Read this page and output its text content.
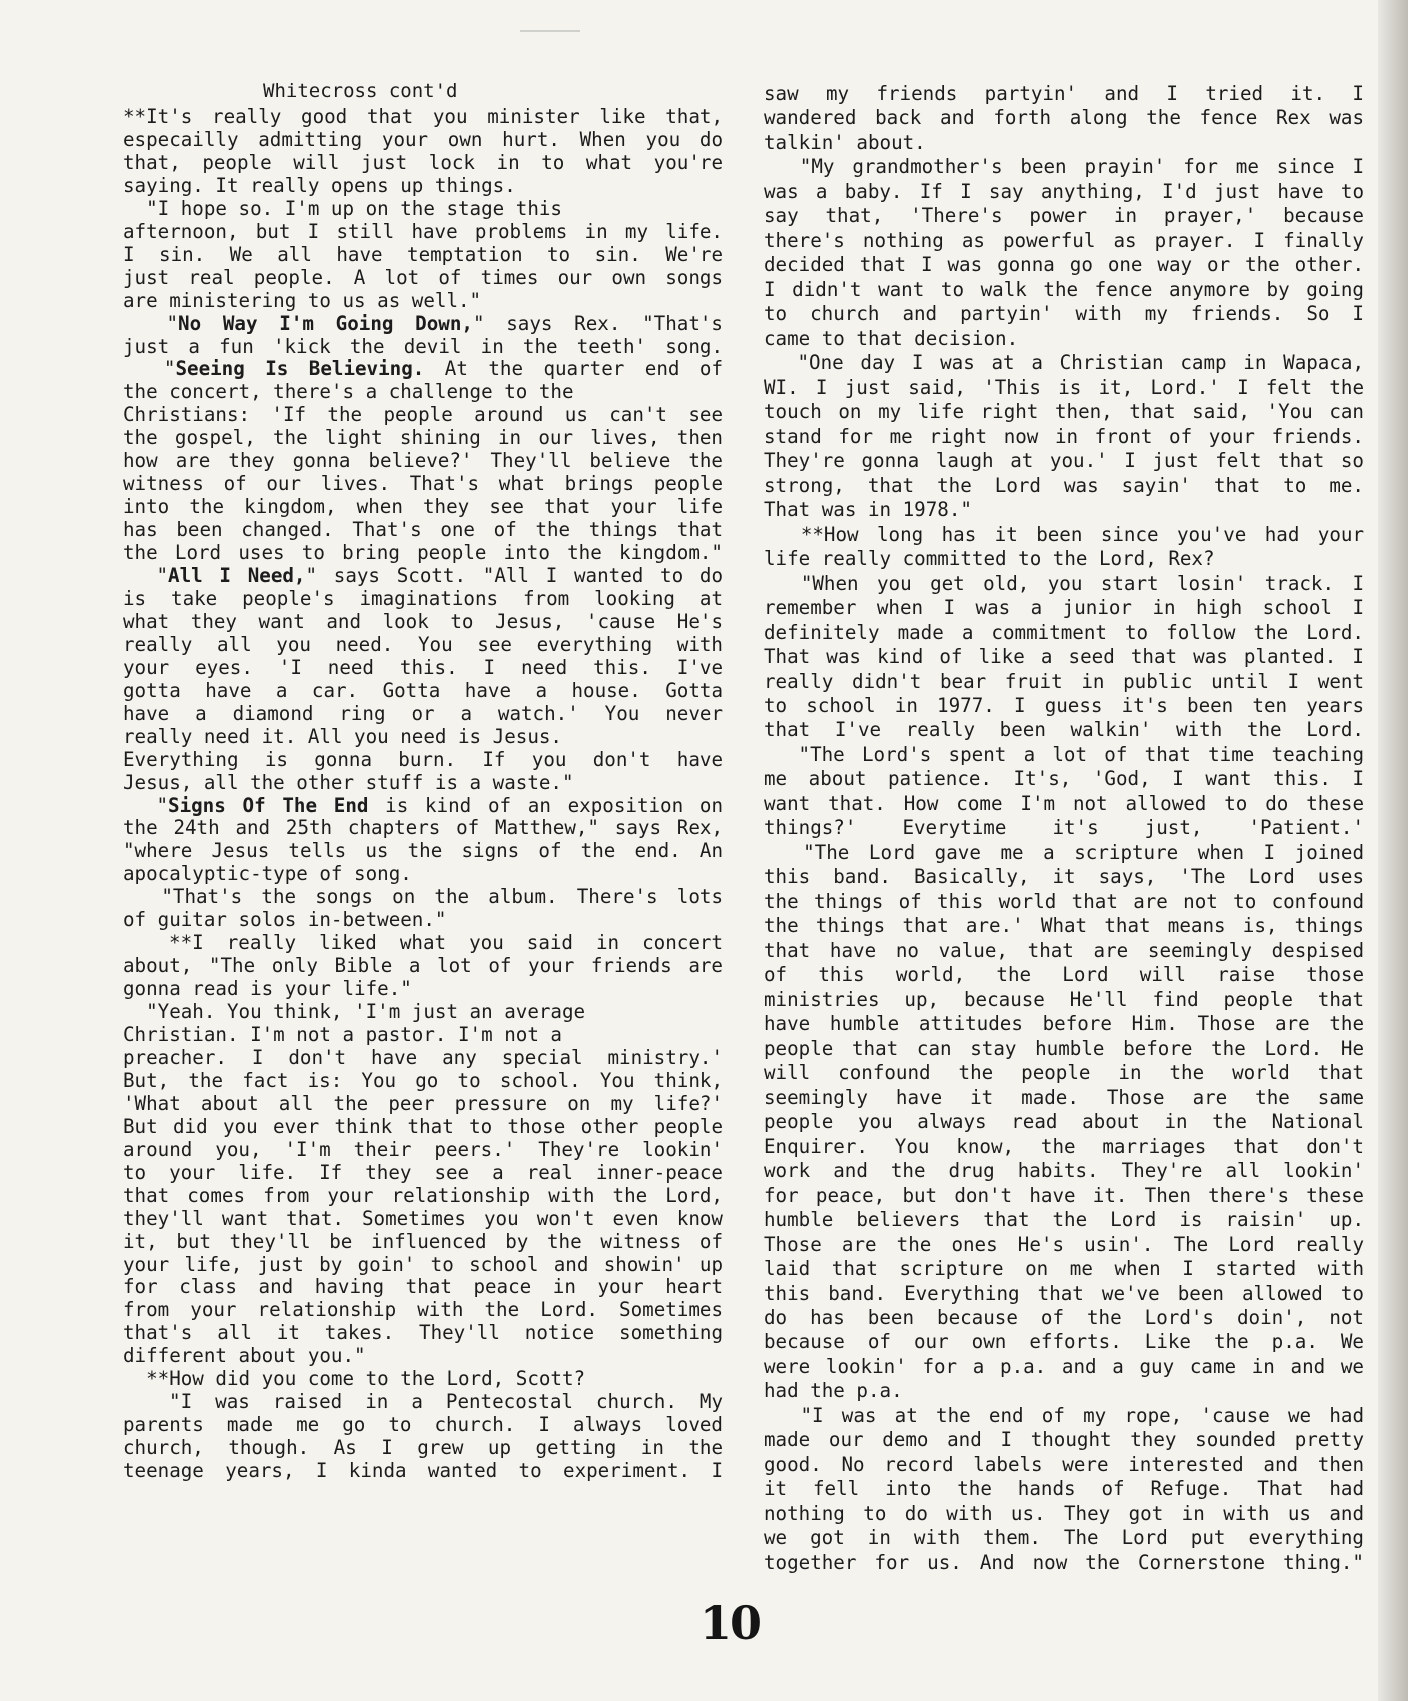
Whitecross cont'd
**It's really good that you minister like that,
especailly admitting your own hurt. When you do
that, people will just lock in to what you're
saying. It really opens up things.
"I hope so. I'm up on the stage this
afternoon, but I still have problems in my life.
I sin. We all have temptation to sin. We're
just real people. A lot of times our own songs
are ministering to us as well."
"No Way I'm Going Down," says Rex. "That's
just a fun 'kick the devil in the teeth' song.
"Seeing Is Believing. At the quarter end of
the concert, there's a challenge to the
Christians: 'If the people around us can't see
the gospel, the light shining in our lives, then
how are they gonna believe?' They'll believe the
witness of our lives. That's what brings people
into the kingdom, when they see that your life
has been changed. That's one of the things that
the Lord uses to bring people into the kingdom."
"All I Need," says Scott. "All I wanted to do
is take people's imaginations from looking at
what they want and look to Jesus, 'cause He's
really all you need. You see everything with
your eyes. 'I need this. I need this. I've
gotta have a car. Gotta have a house. Gotta
have a diamond ring or a watch.' You never
really need it. All you need is Jesus.
Everything is gonna burn. If you don't have
Jesus, all the other stuff is a waste."
"Signs Of The End is kind of an exposition on
the 24th and 25th chapters of Matthew," says Rex,
"where Jesus tells us the signs of the end. An
apocalyptic-type of song.
"That's the songs on the album. There's lots
of guitar solos in-between."
**I really liked what you said in concert
about, "The only Bible a lot of your friends are
gonna read is your life."
"Yeah. You think, 'I'm just an average
Christian. I'm not a pastor. I'm not a
preacher. I don't have any special ministry.'
But, the fact is: You go to school. You think,
'What about all the peer pressure on my life?'
But did you ever think that to those other people
around you, 'I'm their peers.' They're lookin'
to your life. If they see a real inner-peace
that comes from your relationship with the Lord,
they'll want that. Sometimes you won't even know
it, but they'll be influenced by the witness of
your life, just by goin' to school and showin' up
for class and having that peace in your heart
from your relationship with the Lord. Sometimes
that's all it takes. They'll notice something
different about you."
**How did you come to the Lord, Scott?
"I was raised in a Pentecostal church. My
parents made me go to church. I always loved
church, though. As I grew up getting in the
teenage years, I kinda wanted to experiment. I
saw my friends partyin' and I tried it. I
wandered back and forth along the fence Rex was
talkin' about.
"My grandmother's been prayin' for me since I
was a baby. If I say anything, I'd just have to
say that, 'There's power in prayer,' because
there's nothing as powerful as prayer. I finally
decided that I was gonna go one way or the other.
I didn't want to walk the fence anymore by going
to church and partyin' with my friends. So I
came to that decision.
"One day I was at a Christian camp in Wapaca,
WI. I just said, 'This is it, Lord.' I felt the
touch on my life right then, that said, 'You can
stand for me right now in front of your friends.
They're gonna laugh at you.' I just felt that so
strong, that the Lord was sayin' that to me.
That was in 1978."
**How long has it been since you've had your
life really committed to the Lord, Rex?
"When you get old, you start losin' track. I
remember when I was a junior in high school I
definitely made a commitment to follow the Lord.
That was kind of like a seed that was planted. I
really didn't bear fruit in public until I went
to school in 1977. I guess it's been ten years
that I've really been walkin' with the Lord.
"The Lord's spent a lot of that time teaching
me about patience. It's, 'God, I want this. I
want that. How come I'm not allowed to do these
things?' Everytime it's just, 'Patient.'
"The Lord gave me a scripture when I joined
this band. Basically, it says, 'The Lord uses
the things of this world that are not to confound
the things that are.' What that means is, things
that have no value, that are seemingly despised
of this world, the Lord will raise those
ministries up, because He'll find people that
have humble attitudes before Him. Those are the
people that can stay humble before the Lord. He
will confound the people in the world that
seemingly have it made. Those are the same
people you always read about in the National
Enquirer. You know, the marriages that don't
work and the drug habits. They're all lookin'
for peace, but don't have it. Then there's these
humble believers that the Lord is raisin' up.
Those are the ones He's usin'. The Lord really
laid that scripture on me when I started with
this band. Everything that we've been allowed to
do has been because of the Lord's doin', not
because of our own efforts. Like the p.a. We
were lookin' for a p.a. and a guy came in and we
had the p.a.
"I was at the end of my rope, 'cause we had
made our demo and I thought they sounded pretty
good. No record labels were interested and then
it fell into the hands of Refuge. That had
nothing to do with us. They got in with us and
we got in with them. The Lord put everything
together for us. And now the Cornerstone thing."
10
